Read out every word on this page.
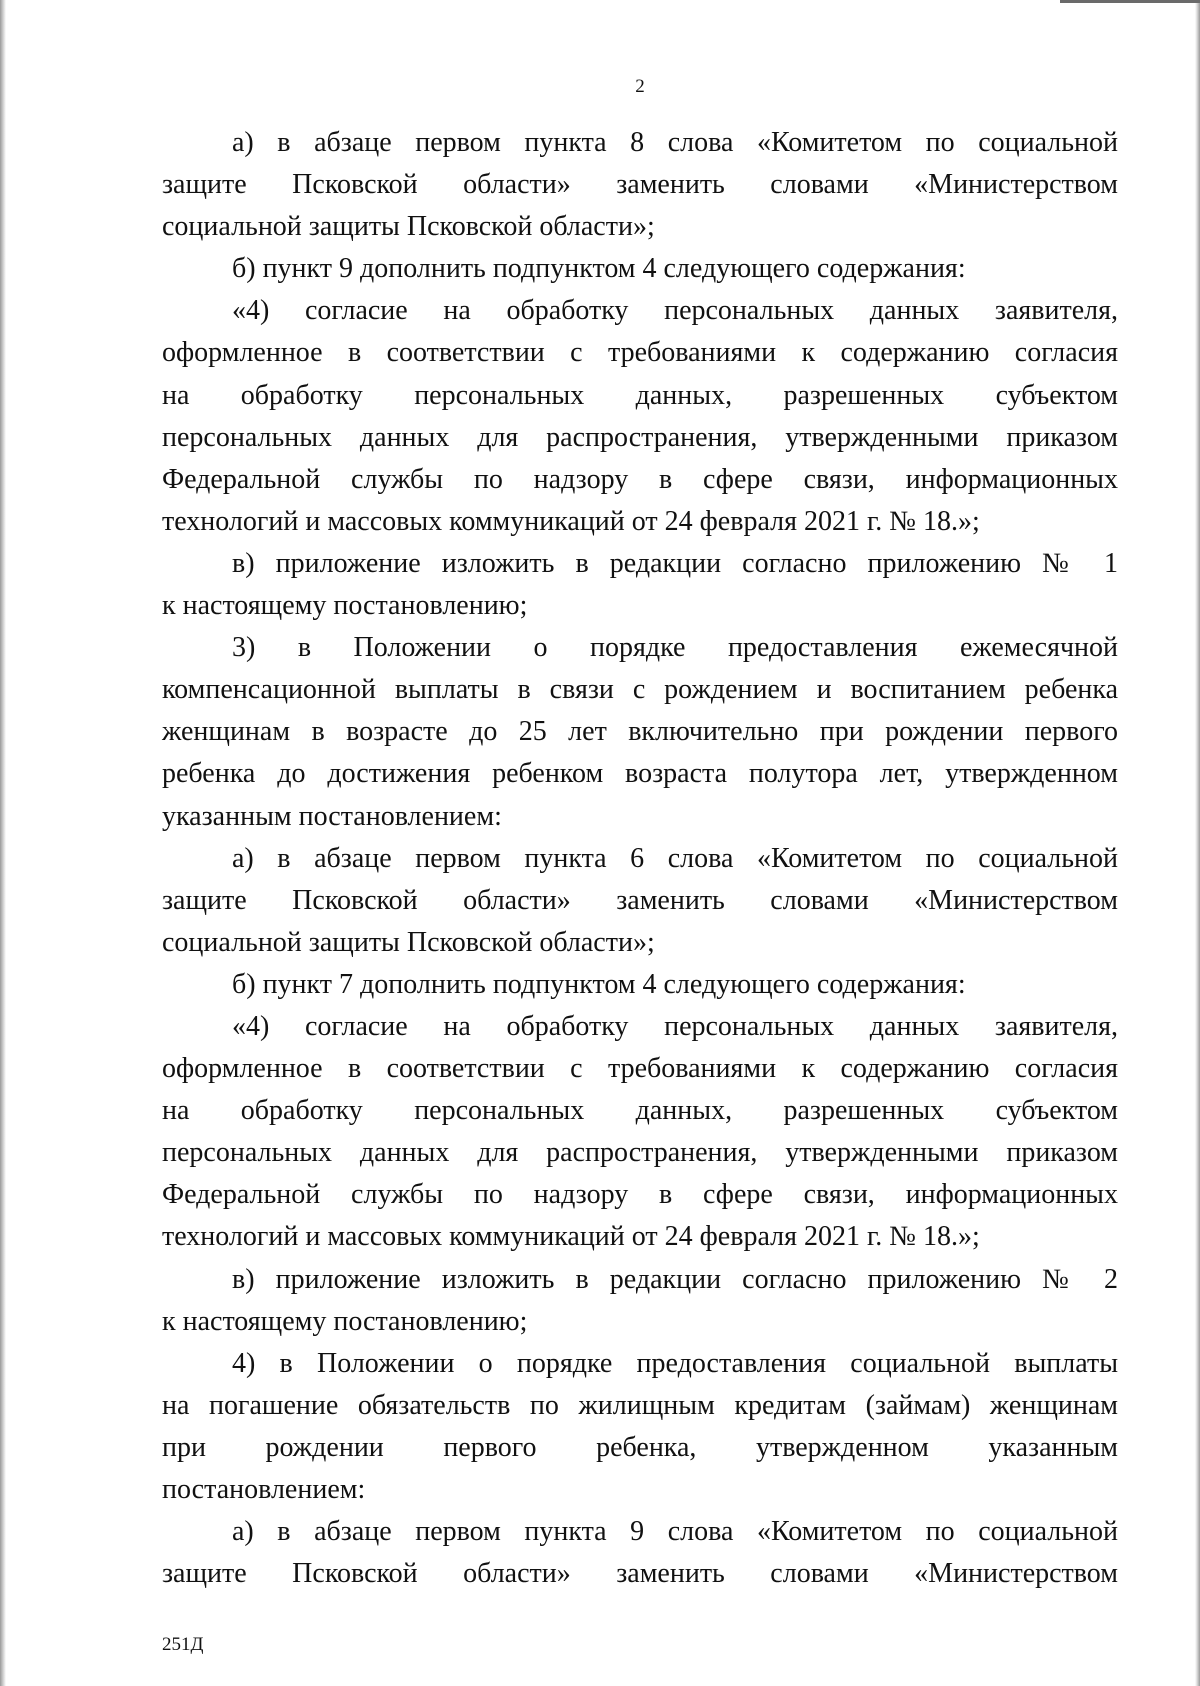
2
а) в абзаце первом пункта 8 слова «Комитетом по социальной
защите Псковской области» заменить словами «Министерством
социальной защиты Псковской области»;
б) пункт 9 дополнить подпунктом 4 следующего содержания:
«4) согласие на обработку персональных данных заявителя,
оформленное в соответствии с требованиями к содержанию согласия
на обработку персональных данных, разрешенных субъектом
персональных данных для распространения, утвержденными приказом
Федеральной службы по надзору в сфере связи, информационных
технологий и массовых коммуникаций от 24 февраля 2021 г. № 18.»;
в) приложение изложить в редакции согласно приложению № 1
к настоящему постановлению;
3) в Положении о порядке предоставления ежемесячной
компенсационной выплаты в связи с рождением и воспитанием ребенка
женщинам в возрасте до 25 лет включительно при рождении первого
ребенка до достижения ребенком возраста полутора лет, утвержденном
указанным постановлением:
а) в абзаце первом пункта 6 слова «Комитетом по социальной
защите Псковской области» заменить словами «Министерством
социальной защиты Псковской области»;
б) пункт 7 дополнить подпунктом 4 следующего содержания:
«4) согласие на обработку персональных данных заявителя,
оформленное в соответствии с требованиями к содержанию согласия
на обработку персональных данных, разрешенных субъектом
персональных данных для распространения, утвержденными приказом
Федеральной службы по надзору в сфере связи, информационных
технологий и массовых коммуникаций от 24 февраля 2021 г. № 18.»;
в) приложение изложить в редакции согласно приложению № 2
к настоящему постановлению;
4) в Положении о порядке предоставления социальной выплаты
на погашение обязательств по жилищным кредитам (займам) женщинам
при рождении первого ребенка, утвержденном указанным
постановлением:
а) в абзаце первом пункта 9 слова «Комитетом по социальной
защите Псковской области» заменить словами «Министерством
251Д
